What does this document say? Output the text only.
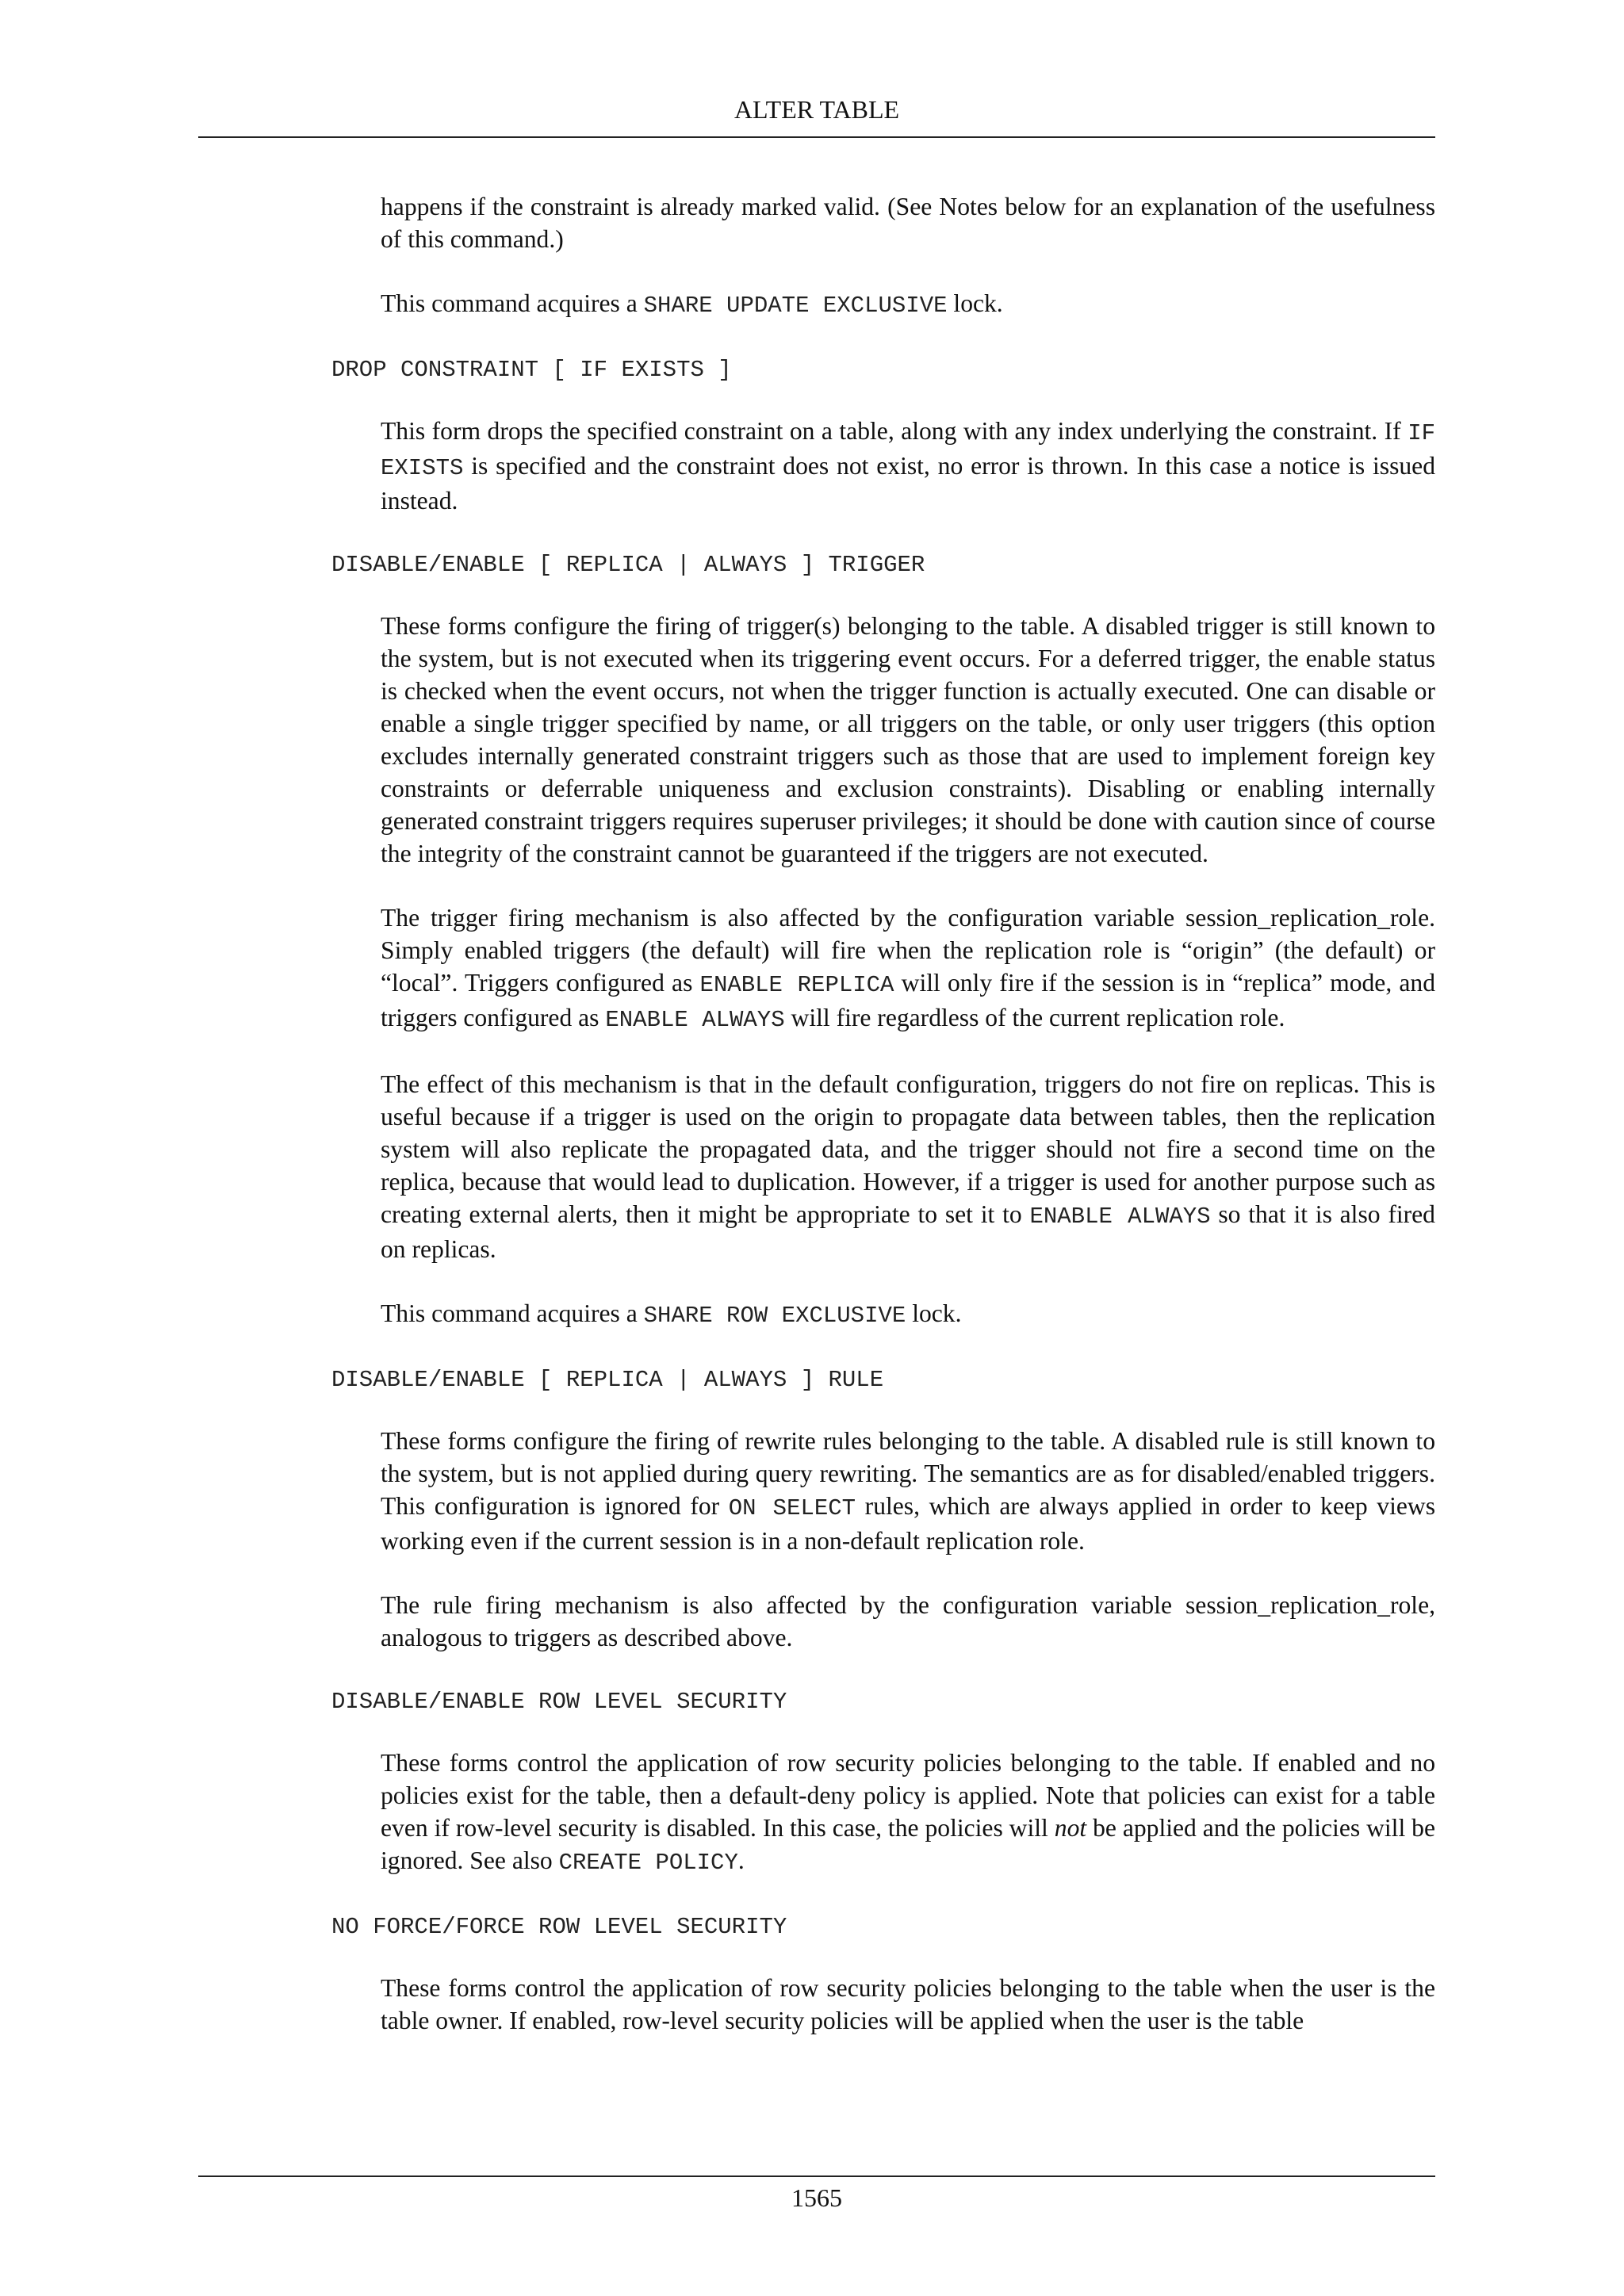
ALTER TABLE

happens if the constraint is already marked valid. (See Notes below for an explanation of the usefulness of this command.)

This command acquires a SHARE UPDATE EXCLUSIVE lock.

DROP CONSTRAINT [ IF EXISTS ]

This form drops the specified constraint on a table, along with any index underlying the constraint. If IF EXISTS is specified and the constraint does not exist, no error is thrown. In this case a notice is issued instead.

DISABLE/ENABLE [ REPLICA | ALWAYS ] TRIGGER

These forms configure the firing of trigger(s) belonging to the table. A disabled trigger is still known to the system, but is not executed when its triggering event occurs. For a deferred trigger, the enable status is checked when the event occurs, not when the trigger function is actually executed. One can disable or enable a single trigger specified by name, or all triggers on the table, or only user triggers (this option excludes internally generated constraint triggers such as those that are used to implement foreign key constraints or deferrable uniqueness and exclusion constraints). Disabling or enabling internally generated constraint triggers requires superuser privileges; it should be done with caution since of course the integrity of the constraint cannot be guaranteed if the triggers are not executed.

The trigger firing mechanism is also affected by the configuration variable session_replication_role. Simply enabled triggers (the default) will fire when the replication role is “origin” (the default) or “local”. Triggers configured as ENABLE REPLICA will only fire if the session is in “replica” mode, and triggers configured as ENABLE ALWAYS will fire regardless of the current replication role.

The effect of this mechanism is that in the default configuration, triggers do not fire on replicas. This is useful because if a trigger is used on the origin to propagate data between tables, then the replication system will also replicate the propagated data, and the trigger should not fire a second time on the replica, because that would lead to duplication. However, if a trigger is used for another purpose such as creating external alerts, then it might be appropriate to set it to ENABLE ALWAYS so that it is also fired on replicas.

This command acquires a SHARE ROW EXCLUSIVE lock.

DISABLE/ENABLE [ REPLICA | ALWAYS ] RULE

These forms configure the firing of rewrite rules belonging to the table. A disabled rule is still known to the system, but is not applied during query rewriting. The semantics are as for disabled/enabled triggers. This configuration is ignored for ON SELECT rules, which are always applied in order to keep views working even if the current session is in a non-default replication role.

The rule firing mechanism is also affected by the configuration variable session_replication_role, analogous to triggers as described above.

DISABLE/ENABLE ROW LEVEL SECURITY

These forms control the application of row security policies belonging to the table. If enabled and no policies exist for the table, then a default-deny policy is applied. Note that policies can exist for a table even if row-level security is disabled. In this case, the policies will not be applied and the policies will be ignored. See also CREATE POLICY.

NO FORCE/FORCE ROW LEVEL SECURITY

These forms control the application of row security policies belonging to the table when the user is the table owner. If enabled, row-level security policies will be applied when the user is the table

1565
